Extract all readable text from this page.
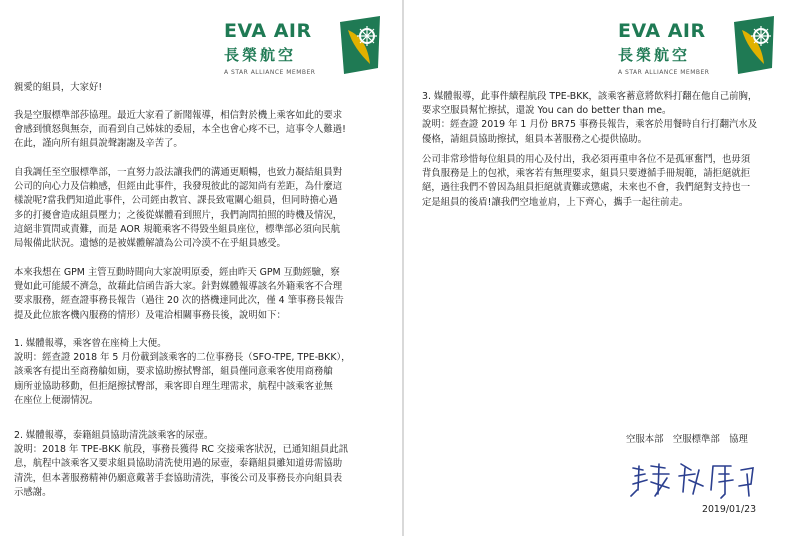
EVA AIR
長榮航空
A STAR ALLIANCE MEMBER
親愛的組員，大家好!
我是空服標準部莎協理。最近大家看了新聞報導，相信對於機上乘客如此的要求
會感到憤怒與無奈，而看到自己姊妹的委屈，本全也會心疼不已，這事令人難過!
在此，謹向所有組員說聲謝謝及辛苦了。
自我調任至空服標準部，一直努力設法讓我們的溝通更順暢，也致力凝結組員對
公司的向心力及信賴感，但經由此事件，我發現彼此的認知尚有差距，為什麼這
樣說呢?當我們知道此事件，公司經由教官、課長致電關心組員，但同時擔心過
多的打擾會造成組員壓力；之後從媒體看到照片，我們詢問拍照的時機及情況，
這絕非質問或責難，而是 AOR 規範乘客不得毀坐組員座位，標準部必須向民航
局報備此狀況。遺憾的是被媒體解讀為公司冷漠不在乎組員感受。
本來我想在 GPM 主管互動時間向大家說明原委，經由昨天 GPM 互動經驗，察
覺如此可能緩不濟急，故藉此信函告訴大家。針對媒體報導該名外籍乘客不合理
要求服務，經查證事務長報告（過往 20 次的搭機達同此次，僅 4 筆事務長報告
提及此位旅客機內服務的情形）及電洽相關事務長後，說明如下：
1. 媒體報導，乘客曾在座椅上大便。
說明：經查證 2018 年 5 月份載到該乘客的二位事務長（SFO-TPE, TPE-BKK），
該乘客有提出至商務艙如廁，要求協助擦拭臀部，組員僅同意乘客使用商務艙
廁所並協助移動，但拒絕擦拭臀部，乘客即自理生理需求，航程中該乘客並無
在座位上便溺情況。
2. 媒體報導，泰籍組員協助清洗該乘客的尿壺。
說明：2018 年 TPE-BKK 航段，事務長獲得 RC 交接乘客狀況，已通知組員此訊
息，航程中該乘客又要求組員協助清洗使用過的尿壺，泰籍組員雖知道毋需協助
清洗，但本著服務精神仍願意戴著手套協助清洗，事後公司及事務長亦向組員表
示感謝。
EVA AIR
長榮航空
A STAR ALLIANCE MEMBER
3. 媒體報導，此事件續程航段 TPE-BKK，該乘客蓄意將飲料打翻在他自己前胸，
要求空服員幫忙擦拭，還說 You can do better than me。
說明：經查證 2019 年 1 月份 BR75 事務長報告，乘客於用餐時自行打翻汽水及
優格，請組員協助擦拭，組員本著服務之心提供協助。
公司非常珍惜每位組員的用心及付出，我必須再重申各位不是孤軍奮鬥，也毋須
背負服務是上的包袱，乘客若有無理要求，組員只要遵循手冊規範，請拒絕就拒
絕，過往我們不曾因為組員拒絕就責難或懲處，未來也不會，我們絕對支持也一
定是組員的後盾!讓我們空地並肩，上下齊心，攜手一起往前走。
空服本部　空服標準部　協理
2019/01/23
